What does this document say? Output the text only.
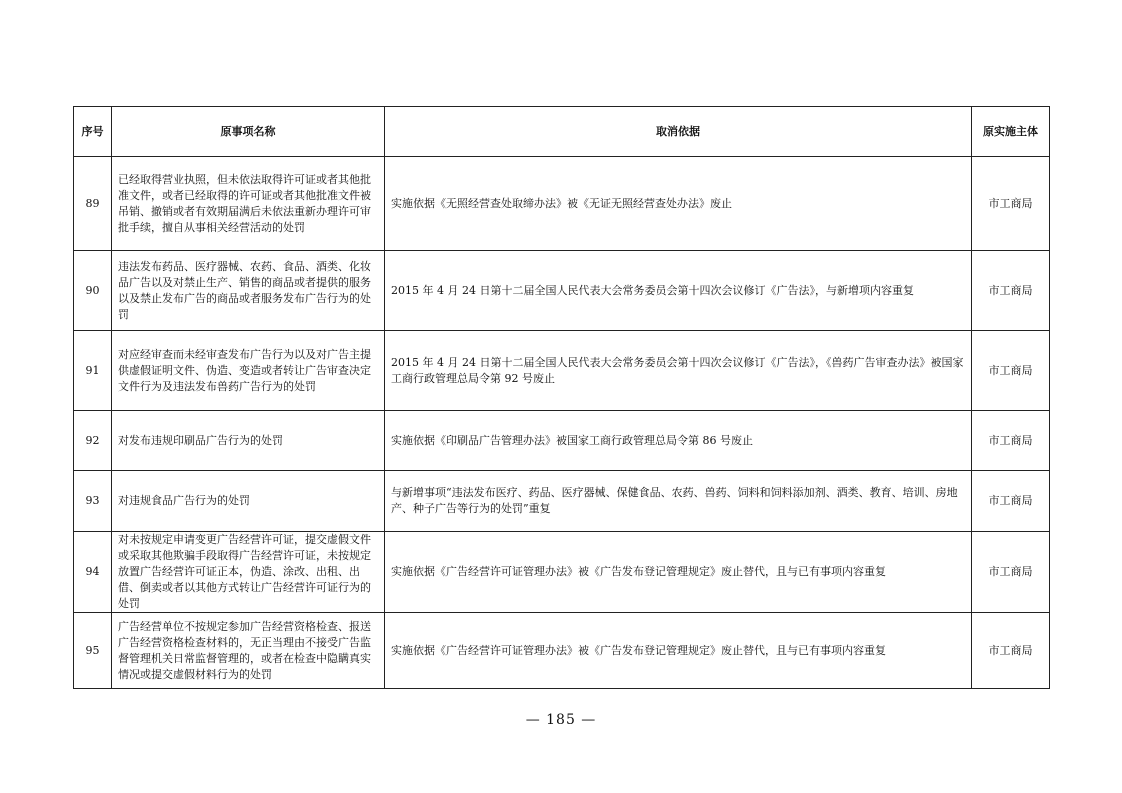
序号	原事项名称	取消依据	原实施主体
89	已经取得营业执照，但未依法取得许可证或者其他批准文件，或者已经取得的许可证或者其他批准文件被吊销、撤销或者有效期届满后未依法重新办理许可审批手续，擅自从事相关经营活动的处罚	实施依据《无照经营查处取缔办法》被《无证无照经营查处办法》废止	市工商局
90	违法发布药品、医疗器械、农药、食品、酒类、化妆品广告以及对禁止生产、销售的商品或者提供的服务以及禁止发布广告的商品或者服务发布广告行为的处罚	2015 年 4 月 24 日第十二届全国人民代表大会常务委员会第十四次会议修订《广告法》，与新增项内容重复	市工商局
91	对应经审查而未经审查发布广告行为以及对广告主提供虚假证明文件、伪造、变造或者转让广告审查决定文件行为及违法发布兽药广告行为的处罚	2015 年 4 月 24 日第十二届全国人民代表大会常务委员会第十四次会议修订《广告法》，《兽药广告审查办法》被国家工商行政管理总局令第 92 号废止	市工商局
92	对发布违规印刷品广告行为的处罚	实施依据《印刷品广告管理办法》被国家工商行政管理总局令第 86 号废止	市工商局
93	对违规食品广告行为的处罚	与新增事项“违法发布医疗、药品、医疗器械、保健食品、农药、兽药、饲料和饲料添加剂、酒类、教育、培训、房地产、种子广告等行为的处罚”重复	市工商局
94	对未按规定申请变更广告经营许可证，提交虚假文件或采取其他欺骗手段取得广告经营许可证，未按规定放置广告经营许可证正本，伪造、涂改、出租、出借、倒卖或者以其他方式转让广告经营许可证行为的处罚	实施依据《广告经营许可证管理办法》被《广告发布登记管理规定》废止替代，且与已有事项内容重复	市工商局
95	广告经营单位不按规定参加广告经营资格检查、报送广告经营资格检查材料的，无正当理由不接受广告监督管理机关日常监督管理的，或者在检查中隐瞒真实情况或提交虚假材料行为的处罚	实施依据《广告经营许可证管理办法》被《广告发布登记管理规定》废止替代，且与已有事项内容重复	市工商局
— 185 —
